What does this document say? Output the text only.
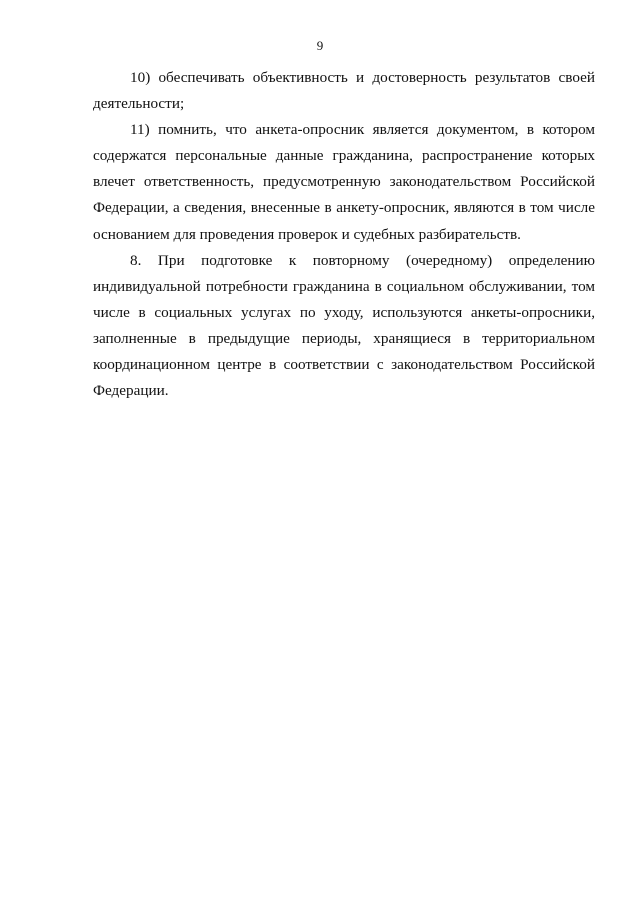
9

10) обеспечивать объективность и достоверность результатов своей деятельности;

11) помнить, что анкета-опросник является документом, в котором содержатся персональные данные гражданина, распространение которых влечет ответственность, предусмотренную законодательством Российской Федерации, а сведения, внесенные в анкету-опросник, являются в том числе основанием для проведения проверок и судебных разбирательств.

8. При подготовке к повторному (очередному) определению индивидуальной потребности гражданина в социальном обслуживании, том числе в социальных услугах по уходу, используются анкеты-опросники, заполненные в предыдущие периоды, хранящиеся в территориальном координационном центре в соответствии с законодательством Российской Федерации.
